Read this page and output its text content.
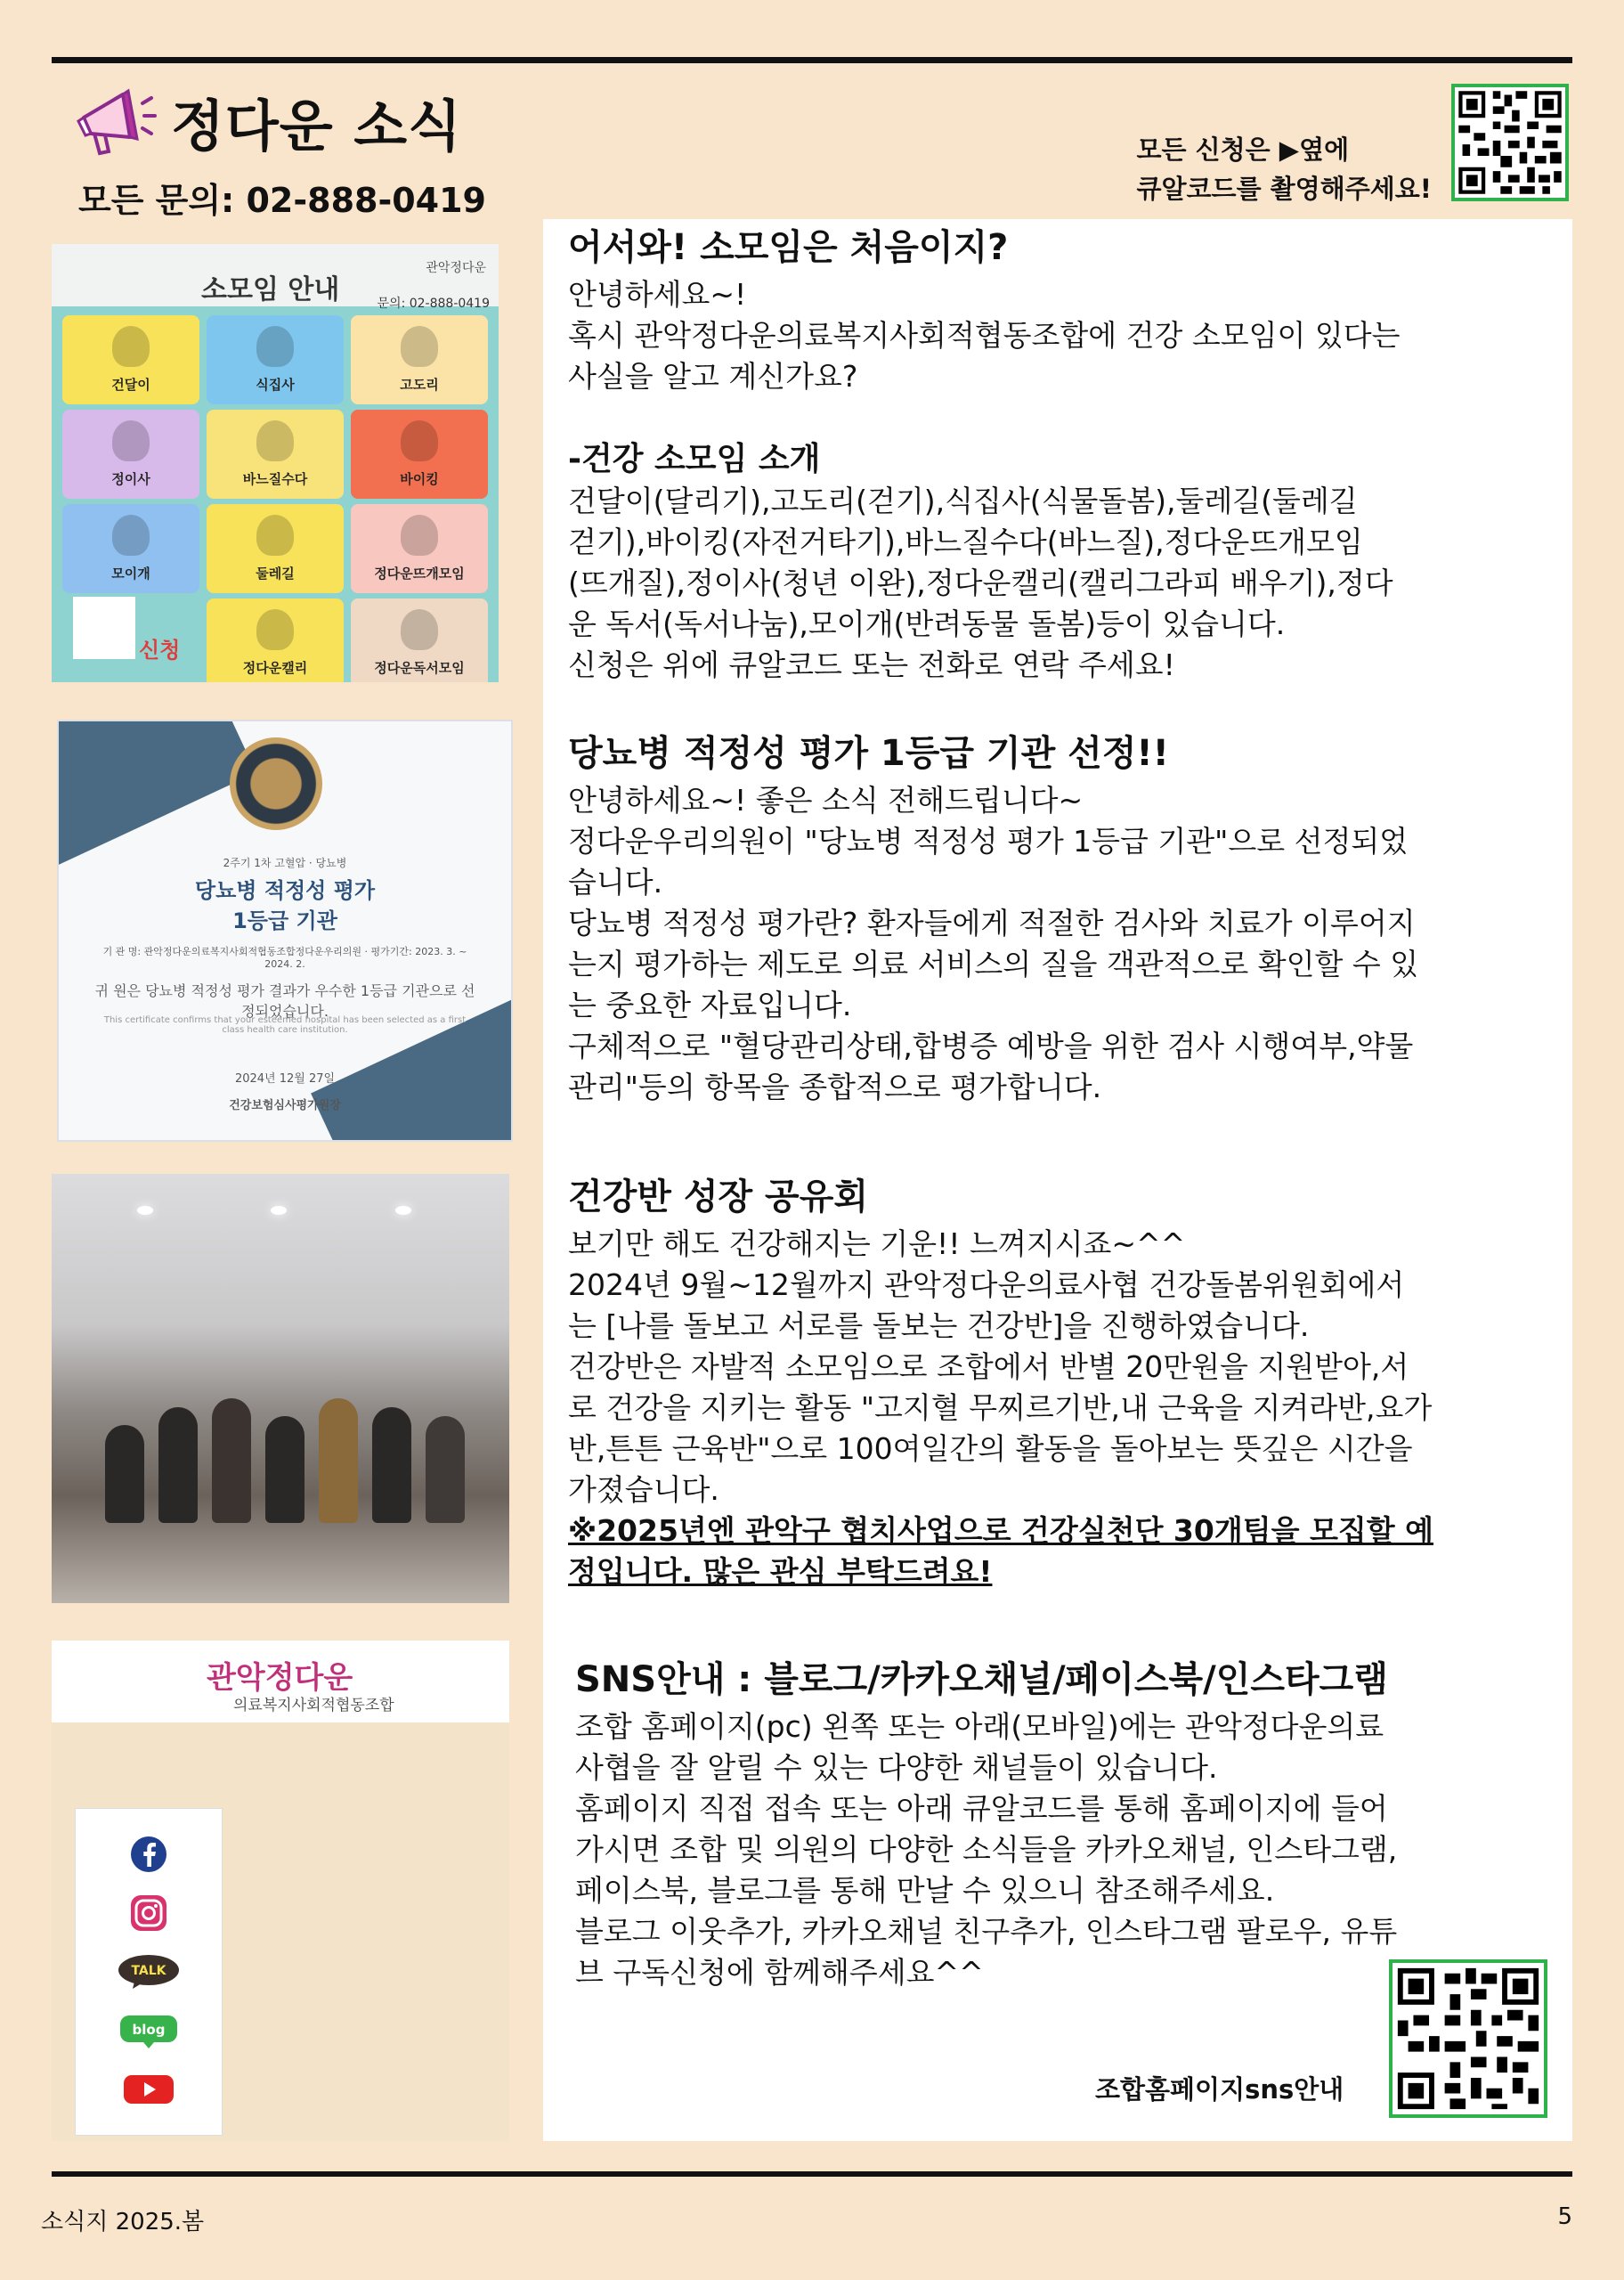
정다운 소식
모든 문의: 02-888-0419
모든 신청은 ▶옆에
큐알코드를 촬영해주세요!
소모임 안내
관악정다운
문의: 02-888-0419
건달이	식집사	고도리
정이사	바느질수다	바이킹
모이개	둘레길	정다운뜨개모임
정다운캘리	정다운독서모임
신청
2주기 1차 고혈압 · 당뇨병
당뇨병 적정성 평가
1등급 기관
기 관 명: 관악정다운의료복지사회적협동조합정다운우리의원 · 평가기간: 2023. 3. ~ 2024. 2.
귀 원은 당뇨병 적정성 평가 결과가 우수한 1등급 기관으로 선정되었습니다.
This certificate confirms that your esteemed hospital has been selected as a first class health care institution.
2024년 12월 27일
건강보험심사평가원장
관악정다운
의료복지사회적협동조합
TALK
blog
어서와! 소모임은 처음이지?

안녕하세요~!
혹시 관악정다운의료복지사회적협동조합에 건강 소모임이 있다는
사실을 알고 계신가요?

-건강 소모임 소개

건달이(달리기),고도리(걷기),식집사(식물돌봄),둘레길(둘레길
걷기),바이킹(자전거타기),바느질수다(바느질),정다운뜨개모임
(뜨개질),정이사(청년 이완),정다운캘리(캘리그라피 배우기),정다
운 독서(독서나눔),모이개(반려동물 돌봄)등이 있습니다.
신청은 위에 큐알코드 또는 전화로 연락 주세요!

당뇨병 적정성 평가 1등급 기관 선정!!

안녕하세요~! 좋은 소식 전해드립니다~
정다운우리의원이 "당뇨병 적정성 평가 1등급 기관"으로 선정되었
습니다.
당뇨병 적정성 평가란? 환자들에게 적절한 검사와 치료가 이루어지
는지 평가하는 제도로 의료 서비스의 질을 객관적으로 확인할 수 있
는 중요한 자료입니다.
구체적으로 "혈당관리상태,합병증 예방을 위한 검사 시행여부,약물
관리"등의 항목을 종합적으로 평가합니다.

건강반 성장 공유회

보기만 해도 건강해지는 기운!! 느껴지시죠~^^
2024년 9월~12월까지 관악정다운의료사협 건강돌봄위원회에서
는 [나를 돌보고 서로를 돌보는 건강반]을 진행하였습니다.
건강반은 자발적 소모임으로 조합에서 반별 20만원을 지원받아,서
로 건강을 지키는 활동 "고지혈 무찌르기반,내 근육을 지켜라반,요가
반,튼튼 근육반"으로 100여일간의 활동을 돌아보는 뜻깊은 시간을
가졌습니다.

※2025년엔 관악구 협치사업으로 건강실천단 30개팀을 모집할 예
정입니다. 많은 관심 부탁드려요!

SNS안내 : 블로그/카카오채널/페이스북/인스타그램

조합 홈페이지(pc) 왼쪽 또는 아래(모바일)에는 관악정다운의료
사협을 잘 알릴 수 있는 다양한 채널들이 있습니다.
홈페이지 직접 접속 또는 아래 큐알코드를 통해 홈페이지에 들어
가시면 조합 및 의원의 다양한 소식들을 카카오채널, 인스타그램,
페이스북, 블로그를 통해 만날 수 있으니 참조해주세요.
블로그 이웃추가, 카카오채널 친구추가, 인스타그램 팔로우, 유튜
브 구독신청에 함께해주세요^^

조합홈페이지sns안내
소식지 2025.봄	5
